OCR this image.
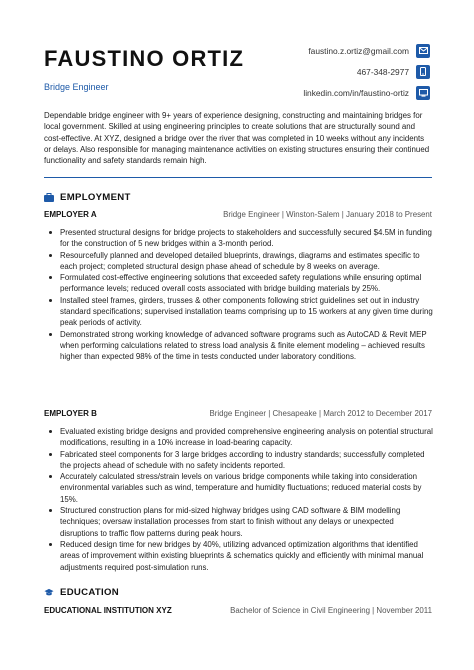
FAUSTINO ORTIZ
Bridge Engineer
faustino.z.ortiz@gmail.com
467-348-2977
linkedin.com/in/faustino-ortiz

Dependable bridge engineer with 9+ years of experience designing, constructing and maintaining bridges for local government. Skilled at using engineering principles to create solutions that are structurally sound and cost-effective. At XYZ, designed a bridge over the river that was completed in 10 weeks without any incidents or delays. Also responsible for managing maintenance activities on existing structures ensuring their continued functionality and safety standards remain high.

EMPLOYMENT
EMPLOYER A	Bridge Engineer | Winston-Salem | January 2018 to Present
Presented structural designs for bridge projects to stakeholders and successfully secured $4.5M in funding for the construction of 5 new bridges within a 3-month period.
Resourcefully planned and developed detailed blueprints, drawings, diagrams and estimates specific to each project; completed structural design phase ahead of schedule by 8 weeks on average.
Formulated cost-effective engineering solutions that exceeded safety regulations while ensuring optimal performance levels; reduced overall costs associated with bridge building materials by 25%.
Installed steel frames, girders, trusses & other components following strict guidelines set out in industry standard specifications; supervised installation teams comprising up to 15 workers at any given time during peak periods of activity.
Demonstrated strong working knowledge of advanced software programs such as AutoCAD & Revit MEP when performing calculations related to stress load analysis & finite element modeling – achieved results higher than expected 98% of the time in tests conducted under laboratory conditions.
EMPLOYER B	Bridge Engineer | Chesapeake | March 2012 to December 2017
Evaluated existing bridge designs and provided comprehensive engineering analysis on potential structural modifications, resulting in a 10% increase in load-bearing capacity.
Fabricated steel components for 3 large bridges according to industry standards; successfully completed the projects ahead of schedule with no safety incidents reported.
Accurately calculated stress/strain levels on various bridge components while taking into consideration environmental variables such as wind, temperature and humidity fluctuations; reduced material costs by 15%.
Structured construction plans for mid-sized highway bridges using CAD software & BIM modelling techniques; oversaw installation processes from start to finish without any delays or unexpected disruptions to traffic flow patterns during peak hours.
Reduced design time for new bridges by 40%, utilizing advanced optimization algorithms that identified areas of improvement within existing blueprints & schematics quickly and efficiently with minimal manual adjustments required post-simulation runs.
EDUCATION
EDUCATIONAL INSTITUTION XYZ	Bachelor of Science in Civil Engineering | November 2011
